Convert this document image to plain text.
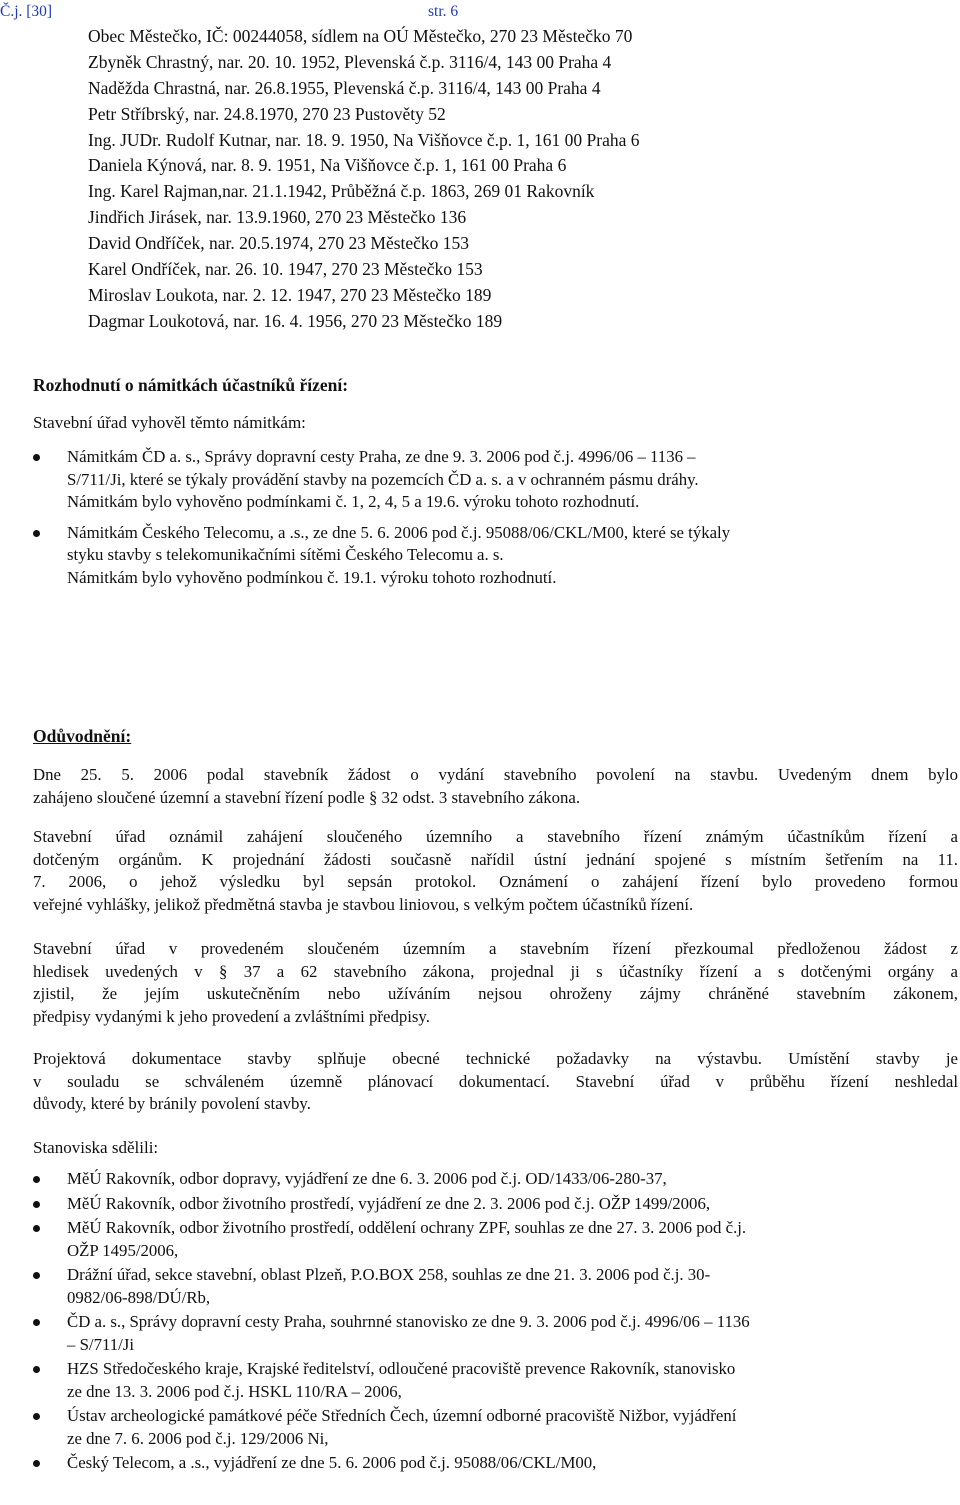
Č.j. [30]	str. 6
Obec Městečko, IČ: 00244058, sídlem na OÚ Městečko, 270 23 Městečko 70
Zbyněk Chrastný, nar. 20. 10. 1952, Plevenská č.p. 3116/4, 143 00 Praha 4
Naděžda Chrastná, nar. 26.8.1955, Plevenská č.p. 3116/4, 143 00 Praha 4
Petr Stříbrský, nar. 24.8.1970, 270 23 Pustověty 52
Ing. JUDr. Rudolf Kutnar, nar. 18. 9. 1950, Na Višňovce č.p. 1, 161 00 Praha 6
Daniela Kýnová, nar. 8. 9. 1951, Na Višňovce č.p. 1, 161 00 Praha 6
Ing. Karel Rajman,nar. 21.1.1942, Průběžná č.p. 1863, 269 01 Rakovník
Jindřich Jirásek, nar. 13.9.1960, 270 23 Městečko 136
David Ondříček, nar. 20.5.1974, 270 23 Městečko 153
Karel Ondříček, nar. 26. 10. 1947, 270 23 Městečko 153
Miroslav Loukota, nar. 2. 12. 1947, 270 23 Městečko 189
Dagmar Loukotová, nar. 16. 4. 1956, 270 23 Městečko 189
Rozhodnutí o námitkách účastníků řízení:
Stavební úřad vyhověl těmto námitkám:
Námitkám ČD a. s., Správy dopravní cesty Praha, ze dne 9. 3. 2006 pod č.j. 4996/06 – 1136 –
S/711/Ji, které se týkaly provádění stavby na pozemcích ČD a. s. a v ochranném pásmu dráhy.
Námitkám bylo vyhověno podmínkami č. 1, 2, 4, 5 a 19.6. výroku tohoto rozhodnutí.
Námitkám Českého Telecomu, a .s., ze dne 5. 6. 2006 pod č.j. 95088/06/CKL/M00, které se týkaly
styku stavby s telekomunikačními sítěmi Českého Telecomu a. s.
Námitkám bylo vyhověno podmínkou č. 19.1. výroku tohoto rozhodnutí.
Odůvodnění:
Dne 25. 5. 2006 podal stavebník žádost o vydání stavebního povolení na stavbu. Uvedeným dnem bylo
zahájeno sloučené územní a stavební řízení podle § 32 odst. 3 stavebního zákona.
Stavební úřad oznámil zahájení sloučeného územního a stavebního řízení známým účastníkům řízení a
dotčeným orgánům. K projednání žádosti současně nařídil ústní jednání spojené s místním šetřením na 11.
7. 2006, o jehož výsledku byl sepsán protokol. Oznámení o zahájení řízení bylo provedeno formou
veřejné vyhlášky, jelikož předmětná stavba je stavbou liniovou, s velkým počtem účastníků řízení.
Stavební úřad v provedeném sloučeném územním a stavebním řízení přezkoumal předloženou žádost z
hledisek uvedených v § 37 a 62 stavebního zákona, projednal ji s účastníky řízení a s dotčenými orgány a
zjistil, že jejím uskutečněním nebo užíváním nejsou ohroženy zájmy chráněné stavebním zákonem,
předpisy vydanými k jeho provedení a zvláštními předpisy.
Projektová dokumentace stavby splňuje obecné technické požadavky na výstavbu. Umístění stavby je
v souladu se schváleném územně plánovací dokumentací. Stavební úřad v průběhu řízení neshledal
důvody, které by bránily povolení stavby.
Stanoviska sdělili:
MěÚ Rakovník, odbor dopravy, vyjádření ze dne 6. 3. 2006 pod č.j. OD/1433/06-280-37,
MěÚ Rakovník, odbor životního prostředí, vyjádření ze dne 2. 3. 2006 pod č.j. OŽP 1499/2006,
MěÚ Rakovník, odbor životního prostředí, oddělení ochrany ZPF, souhlas ze dne 27. 3. 2006 pod č.j.
OŽP 1495/2006,
Drážní úřad, sekce stavební, oblast Plzeň, P.O.BOX 258, souhlas ze dne 21. 3. 2006 pod č.j. 30-
0982/06-898/DÚ/Rb,
ČD a. s., Správy dopravní cesty Praha, souhrnné stanovisko ze dne 9. 3. 2006 pod č.j. 4996/06 – 1136
– S/711/Ji
HZS Středočeského kraje, Krajské ředitelství, odloučené pracoviště prevence Rakovník, stanovisko
ze dne 13. 3. 2006 pod č.j. HSKL 110/RA – 2006,
Ústav archeologické památkové péče Středních Čech, územní odborné pracoviště Nižbor, vyjádření
ze dne 7. 6. 2006 pod č.j. 129/2006 Ni,
Český Telecom, a .s., vyjádření ze dne 5. 6. 2006 pod č.j. 95088/06/CKL/M00,
